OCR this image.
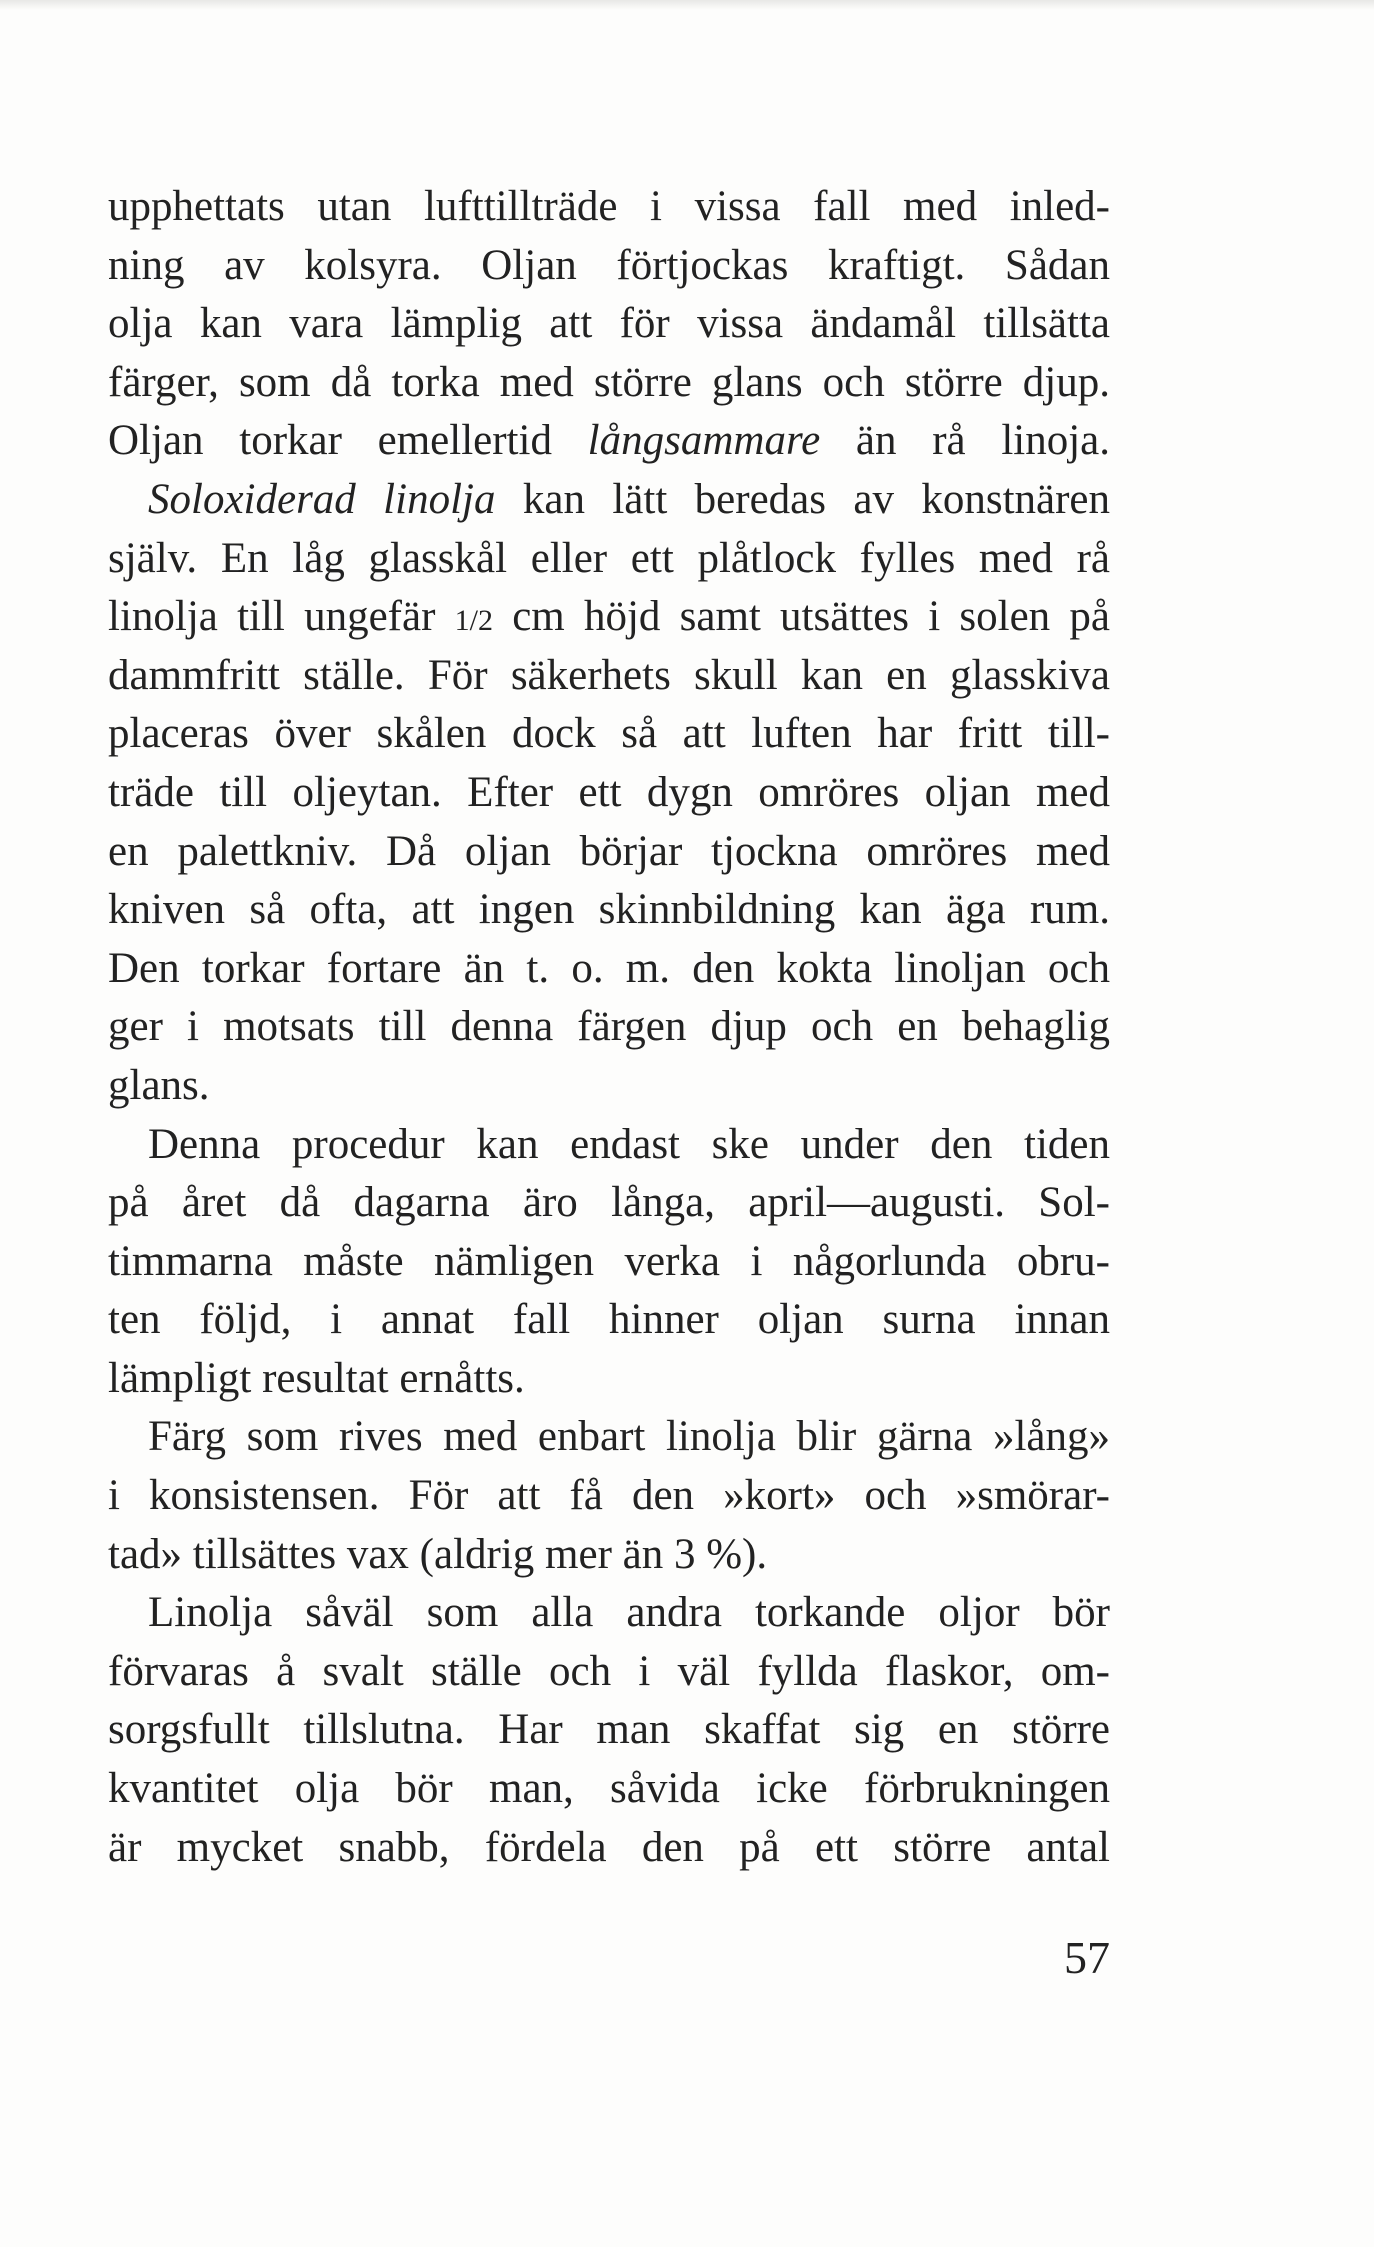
upphettats utan lufttillträde i vissa fall med inled-
ning av kolsyra. Oljan förtjockas kraftigt. Sådan
olja kan vara lämplig att för vissa ändamål tillsätta
färger, som då torka med större glans och större djup.
Oljan torkar emellertid långsammare än rå linoja.
Soloxiderad linolja kan lätt beredas av konstnären
själv. En låg glasskål eller ett plåtlock fylles med rå
linolja till ungefär 1/2 cm höjd samt utsättes i solen på
dammfritt ställe. För säkerhets skull kan en glasskiva
placeras över skålen dock så att luften har fritt till-
träde till oljeytan. Efter ett dygn omröres oljan med
en palettkniv. Då oljan börjar tjockna omröres med
kniven så ofta, att ingen skinnbildning kan äga rum.
Den torkar fortare än t. o. m. den kokta linoljan och
ger i motsats till denna färgen djup och en behaglig
glans.
Denna procedur kan endast ske under den tiden
på året då dagarna äro långa, april—augusti. Sol-
timmarna måste nämligen verka i någorlunda obru-
ten följd, i annat fall hinner oljan surna innan
lämpligt resultat ernåtts.
Färg som rives med enbart linolja blir gärna »lång»
i konsistensen. För att få den »kort» och »smörar-
tad» tillsättes vax (aldrig mer än 3 %).
Linolja såväl som alla andra torkande oljor bör
förvaras å svalt ställe och i väl fyllda flaskor, om-
sorgsfullt tillslutna. Har man skaffat sig en större
kvantitet olja bör man, såvida icke förbrukningen
är mycket snabb, fördela den på ett större antal
57
